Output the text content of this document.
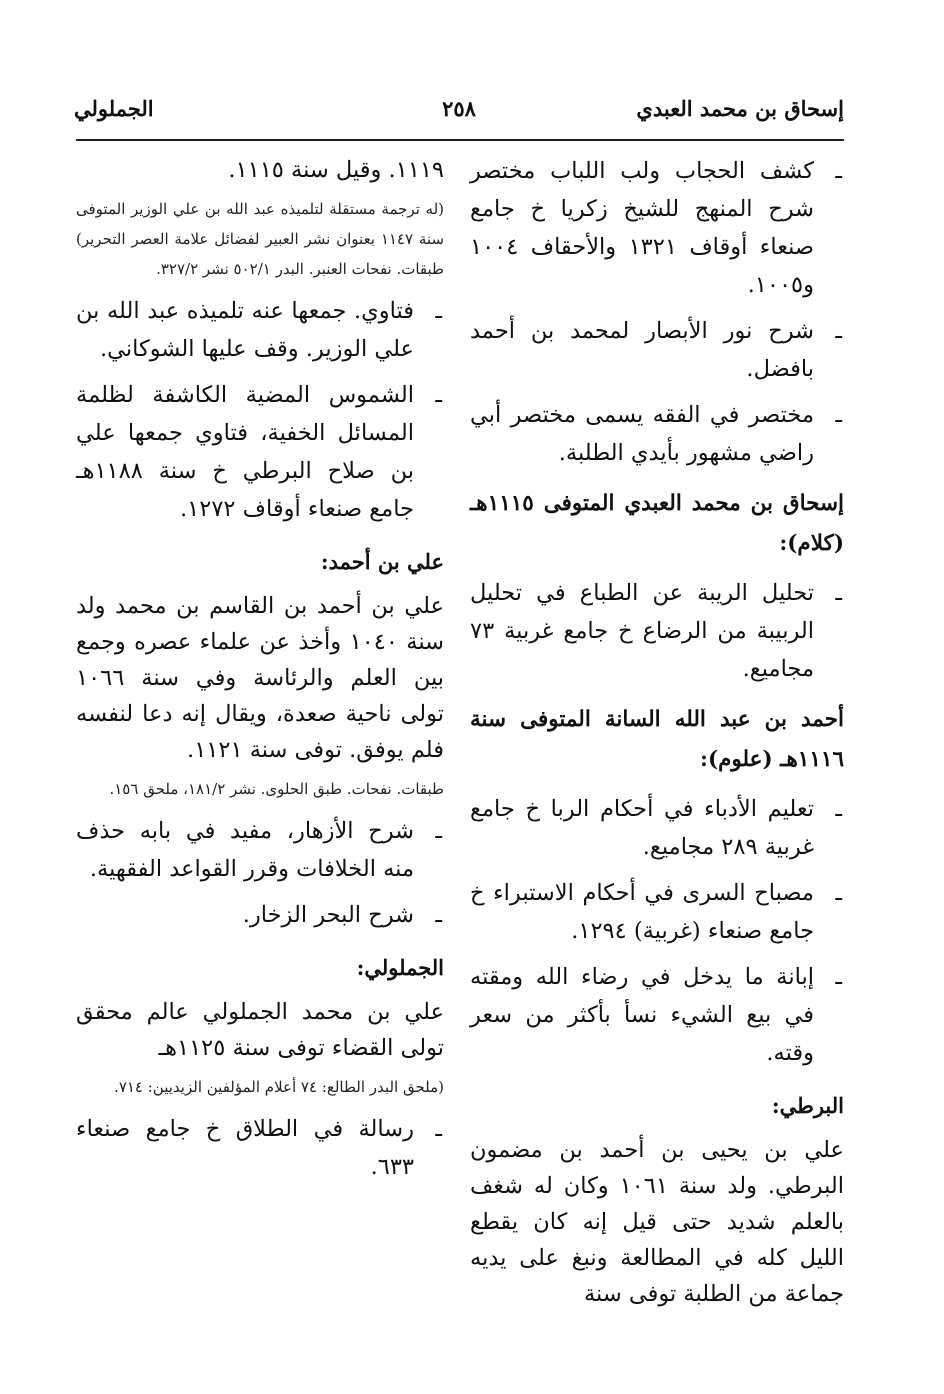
إسحاق بن محمد العبدي
٢٥٨
الجملولي
ـ
كشف الحجاب ولب اللباب مختصر شرح المنهج للشيخ زكريا خ جامع صنعاء أوقاف ١٣٢١ والأحقاف ١٠٠٤ و١٠٠٥.
ـ
شرح نور الأبصار لمحمد بن أحمد بافضل.
ـ
مختصر في الفقه يسمى مختصر أبي راضي مشهور بأيدي الطلبة.
إسحاق بن محمد العبدي المتوفى ١١١٥هـ (كلام):
ـ
تحليل الريبة عن الطباع في تحليل الربيبة من الرضاع خ جامع غربية ٧٣ مجاميع.
أحمد بن عبد الله السانة المتوفى سنة ١١١٦هـ (علوم):
ـ
تعليم الأدباء في أحكام الربا خ جامع غربية ٢٨٩ مجاميع.
ـ
مصباح السرى في أحكام الاستبراء خ جامع صنعاء (غربية) ١٢٩٤.
ـ
إبانة ما يدخل في رضاء الله ومقته في بيع الشيء نسأ بأكثر من سعر وقته.
البرطي:
علي بن يحيى بن أحمد بن مضمون البرطي. ولد سنة ١٠٦١ وكان له شغف بالعلم شديد حتى قيل إنه كان يقطع الليل كله في المطالعة ونبغ على يديه جماعة من الطلبة توفى سنة
١١١٩. وقيل سنة ١١١٥.
(له ترجمة مستقلة لتلميذه عبد الله بن علي الوزير المتوفى سنة ١١٤٧ بعنوان نشر العبير لفضائل علامة العصر التحرير) طبقات. نفحات العنبر. البدر ٥٠٢/١ نشر ٣٢٧/٢.
ـ
فتاوي. جمعها عنه تلميذه عبد الله بن علي الوزير. وقف عليها الشوكاني.
ـ
الشموس المضية الكاشفة لظلمة المسائل الخفية، فتاوي جمعها علي بن صلاح البرطي خ سنة ١١٨٨هـ جامع صنعاء أوقاف ١٢٧٢.
علي بن أحمد:
علي بن أحمد بن القاسم بن محمد ولد سنة ١٠٤٠ وأخذ عن علماء عصره وجمع بين العلم والرئاسة وفي سنة ١٠٦٦ تولى ناحية صعدة، ويقال إنه دعا لنفسه فلم يوفق. توفى سنة ١١٢١.
طبقات. نفحات. طبق الحلوى. نشر ١٨١/٢، ملحق ١٥٦.
ـ
شرح الأزهار، مفيد في بابه حذف منه الخلافات وقرر القواعد الفقهية.
ـ
شرح البحر الزخار.
الجملولي:
علي بن محمد الجملولي عالم محقق تولى القضاء توفى سنة ١١٢٥هـ
(ملحق البدر الطالع: ٧٤ أعلام المؤلفين الزيديين: ٧١٤.
ـ
رسالة في الطلاق خ جامع صنعاء ٦٣٣.
